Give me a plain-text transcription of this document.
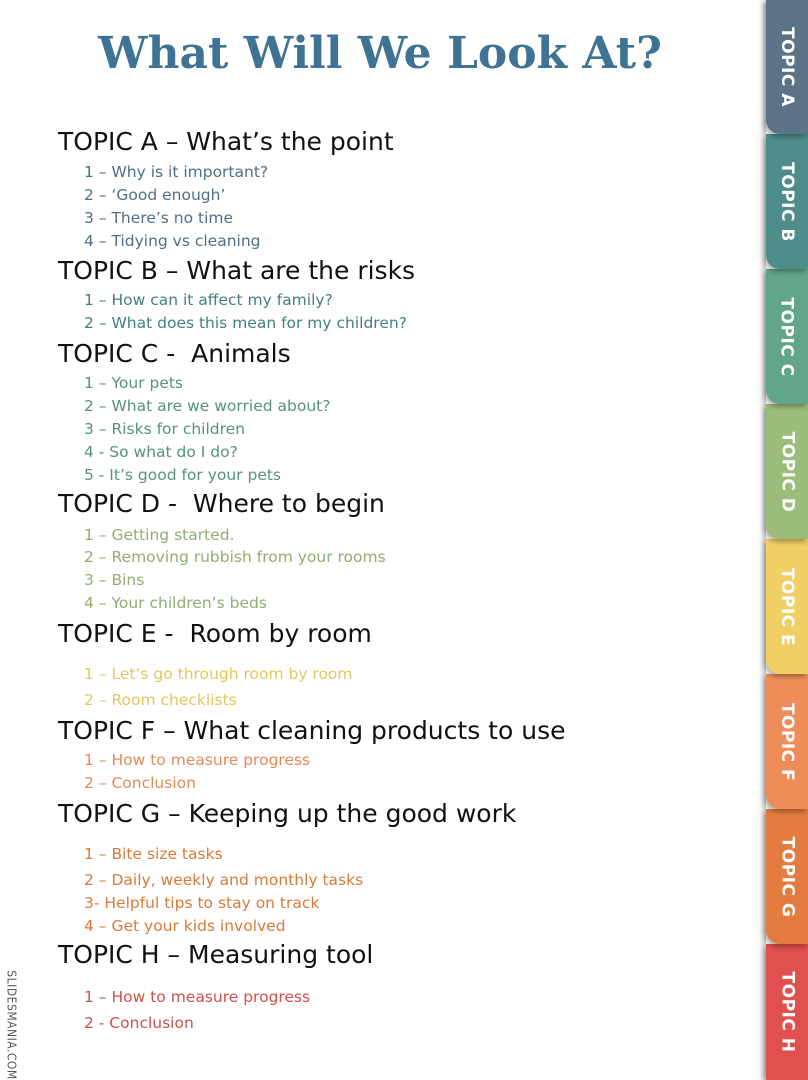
What Will We Look At?
TOPIC A – What’s the point
1 – Why is it important?
2 – ‘Good enough’
3 – There’s no time
4 – Tidying vs cleaning
TOPIC B – What are the risks
1 – How can it affect my family?
2 – What does this mean for my children?
TOPIC C -  Animals
1 – Your pets
2 – What are we worried about?
3 – Risks for children
4 - So what do I do?
5 - It’s good for your pets
TOPIC D -  Where to begin
1 – Getting started.
2 – Removing rubbish from your rooms
3 – Bins
4 – Your children’s beds
TOPIC E -  Room by room
1 – Let’s go through room by room
2 – Room checklists
TOPIC F – What cleaning products to use
1 – How to measure progress
2 – Conclusion
TOPIC G – Keeping up the good work
1 – Bite size tasks
2 – Daily, weekly and monthly tasks
3- Helpful tips to stay on track
4 – Get your kids involved
TOPIC H – Measuring tool
1 – How to measure progress
2 - Conclusion
TOPIC A
TOPIC B
TOPIC C
TOPIC D
TOPIC E
TOPIC F
TOPIC G
TOPIC H
SLIDESMANIA.COM
